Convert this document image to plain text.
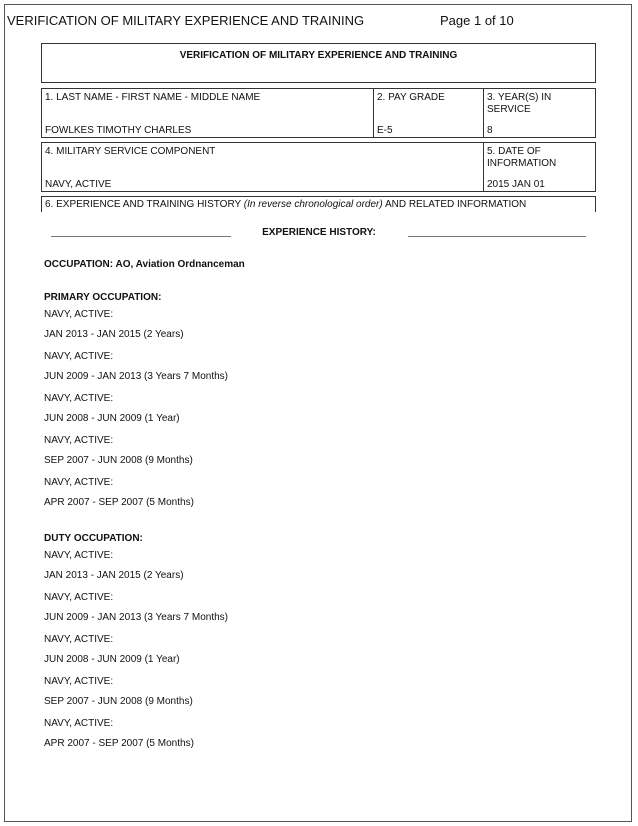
VERIFICATION OF MILITARY EXPERIENCE AND TRAINING	Page 1 of 10
VERIFICATION OF MILITARY EXPERIENCE AND TRAINING
1. LAST NAME - FIRST NAME - MIDDLE NAME
FOWLKES TIMOTHY CHARLES
2. PAY GRADE
E-5
3. YEAR(S) IN
SERVICE
8
4. MILITARY SERVICE COMPONENT
NAVY, ACTIVE
5. DATE OF
INFORMATION
2015 JAN 01
6. EXPERIENCE AND TRAINING HISTORY (In reverse chronological order) AND RELATED INFORMATION
EXPERIENCE HISTORY:
OCCUPATION: AO, Aviation Ordnanceman
PRIMARY OCCUPATION:
NAVY, ACTIVE:
JAN 2013 - JAN 2015 (2 Years)
NAVY, ACTIVE:
JUN 2009 - JAN 2013 (3 Years 7 Months)
NAVY, ACTIVE:
JUN 2008 - JUN 2009 (1 Year)
NAVY, ACTIVE:
SEP 2007 - JUN 2008 (9 Months)
NAVY, ACTIVE:
APR 2007 - SEP 2007 (5 Months)
DUTY OCCUPATION:
NAVY, ACTIVE:
JAN 2013 - JAN 2015 (2 Years)
NAVY, ACTIVE:
JUN 2009 - JAN 2013 (3 Years 7 Months)
NAVY, ACTIVE:
JUN 2008 - JUN 2009 (1 Year)
NAVY, ACTIVE:
SEP 2007 - JUN 2008 (9 Months)
NAVY, ACTIVE:
APR 2007 - SEP 2007 (5 Months)
